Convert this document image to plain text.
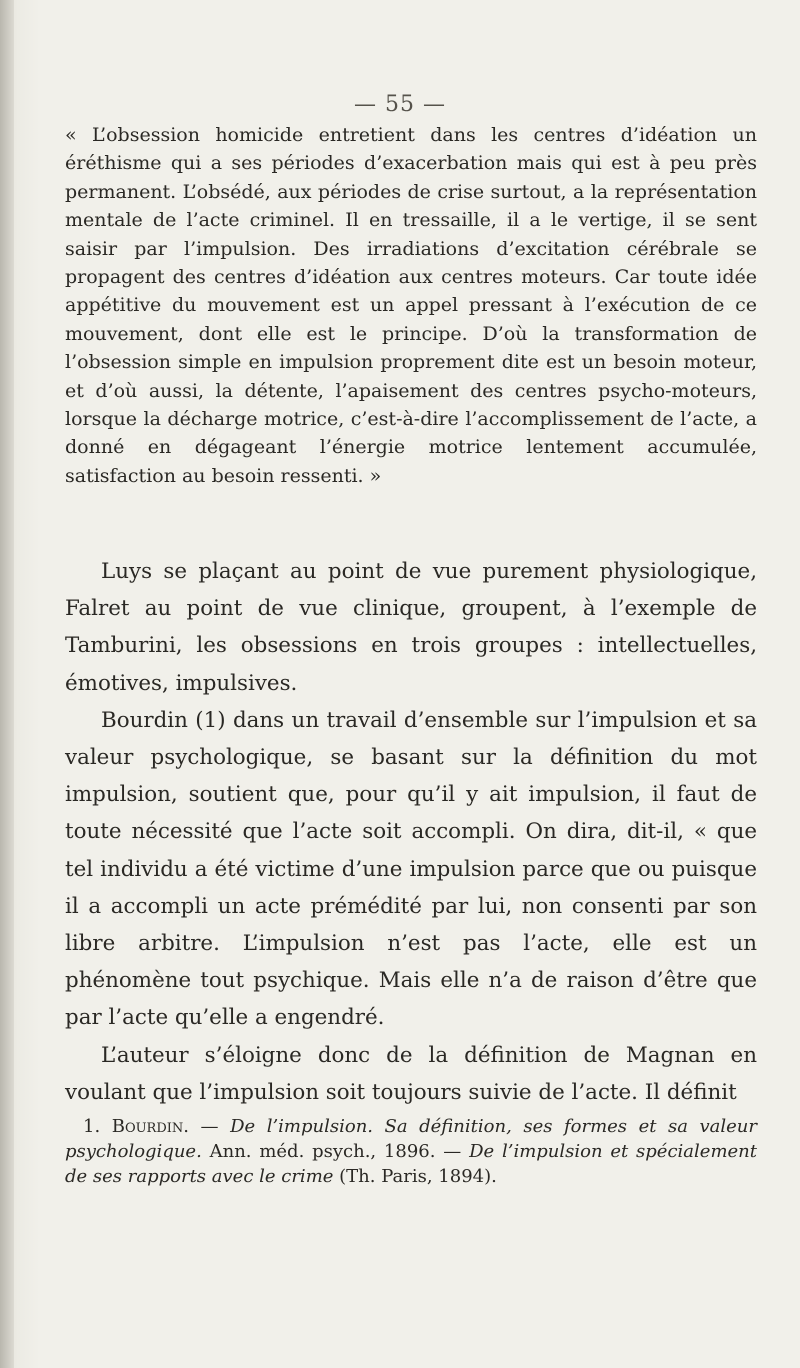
— 55 —

« L’obsession homicide entretient dans les centres d’idéation un éréthisme qui a ses périodes d’exacerbation mais qui est à peu près permanent. L’obsédé, aux périodes de crise surtout, a la représentation mentale de l’acte criminel. Il en tressaille, il a le vertige, il se sent saisir par l’impulsion. Des irradiations d’excitation cérébrale se propagent des centres d’idéation aux centres moteurs. Car toute idée appétitive du mouvement est un appel pressant à l’exécution de ce mouvement, dont elle est le principe. D’où la transformation de l’obsession simple en impulsion proprement dite est un besoin moteur, et d’où aussi, la détente, l’apaisement des centres psycho-moteurs, lorsque la décharge motrice, c’est-à-dire l’accomplissement de l’acte, a donné en dégageant l’énergie motrice lentement accumulée, satisfaction au besoin ressenti. »

Luys se plaçant au point de vue purement physiologique, Falret au point de vue clinique, groupent, à l’exemple de Tamburini, les obsessions en trois groupes : intellectuelles, émotives, impulsives.

Bourdin (1) dans un travail d’ensemble sur l’impulsion et sa valeur psychologique, se basant sur la définition du mot impulsion, soutient que, pour qu’il y ait impulsion, il faut de toute nécessité que l’acte soit accompli. On dira, dit-il, « que tel individu a été victime d’une impulsion parce que ou puisque il a accompli un acte prémédité par lui, non consenti par son libre arbitre. L’impulsion n’est pas l’acte, elle est un phénomène tout psychique. Mais elle n’a de raison d’être que par l’acte qu’elle a engendré.

L’auteur s’éloigne donc de la définition de Magnan en voulant que l’impulsion soit toujours suivie de l’acte. Il définit

1. Bourdin. — De l’impulsion. Sa définition, ses formes et sa valeur psychologique. Ann. méd. psych., 1896. — De l’impulsion et spécialement de ses rapports avec le crime (Th. Paris, 1894).
